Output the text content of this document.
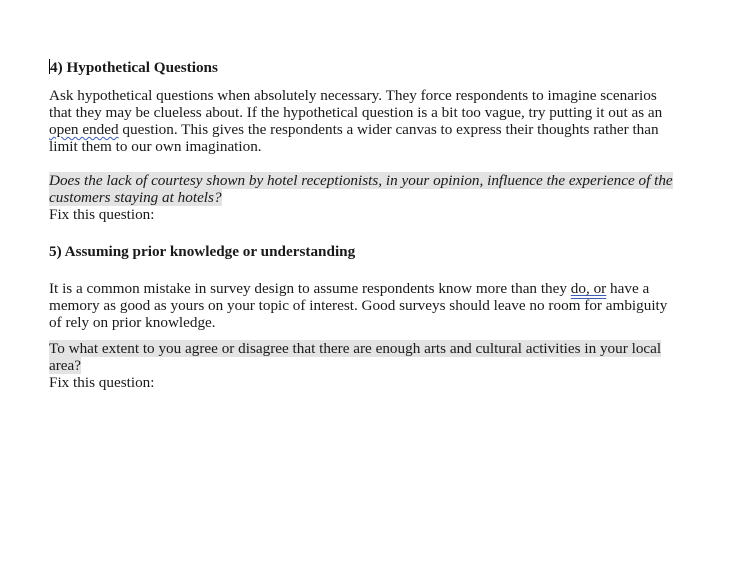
4) Hypothetical Questions

Ask hypothetical questions when absolutely necessary. They force respondents to imagine scenarios that they may be clueless about. If the hypothetical question is a bit too vague, try putting it out as an open ended question. This gives the respondents a wider canvas to express their thoughts rather than limit them to our own imagination.

Does the lack of courtesy shown by hotel receptionists, in your opinion, influence the experience of the customers staying at hotels?

Fix this question:

5) Assuming prior knowledge or understanding

It is a common mistake in survey design to assume respondents know more than they do, or have a memory as good as yours on your topic of interest. Good surveys should leave no room for ambiguity of rely on prior knowledge.

To what extent to you agree or disagree that there are enough arts and cultural activities in your local area?

Fix this question:
